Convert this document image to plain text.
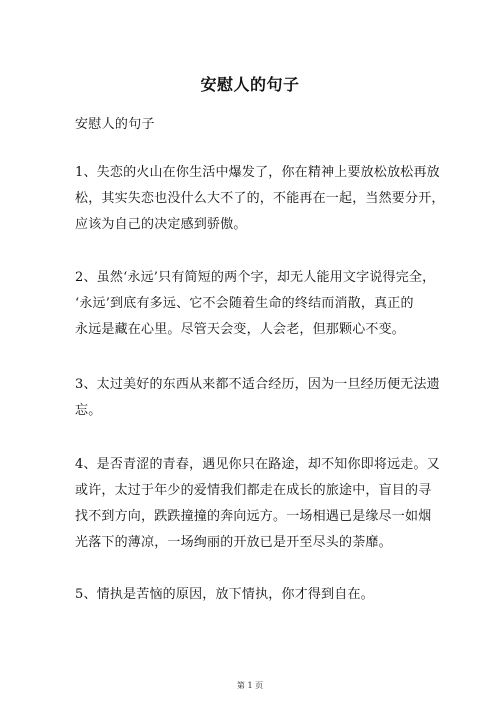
安慰人的句子
安慰人的句子
1、失恋的火山在你生活中爆发了，你在精神上要放松放松再放
松，其实失恋也没什么大不了的，不能再在一起，当然要分开，
应该为自己的决定感到骄傲。
2、虽然‘永远’只有简短的两个字，却无人能用文字说得完全，
‘永远’到底有多远、它不会随着生命的终结而消散，真正的
永远是藏在心里。尽管天会变，人会老，但那颗心不变。
3、太过美好的东西从来都不适合经历，因为一旦经历便无法遗
忘。
4、是否青涩的青春，遇见你只在路途，却不知你即将远走。又
或许，太过于年少的爱情我们都走在成长的旅途中，盲目的寻
找不到方向，跌跌撞撞的奔向远方。一场相遇已是缘尽一如烟
光落下的薄凉，一场绚丽的开放已是开至尽头的荼靡。
5、情执是苦恼的原因，放下情执，你才得到自在。
第 1 页
